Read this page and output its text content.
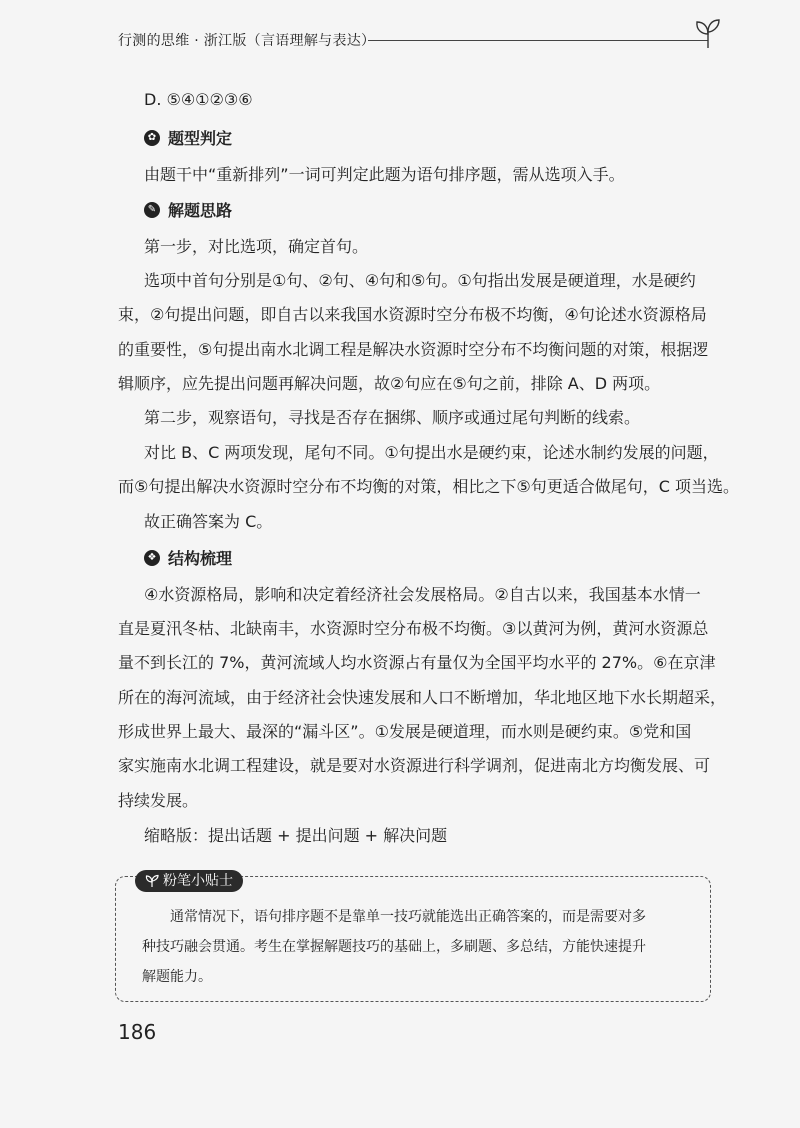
行测的思维 · 浙江版（言语理解与表达）
D. ⑤④①②③⑥
✿ 题型判定
由题干中“重新排列”一词可判定此题为语句排序题，需从选项入手。
✎ 解题思路
第一步，对比选项，确定首句。
选项中首句分别是①句、②句、④句和⑤句。①句指出发展是硬道理，水是硬约
束，②句提出问题，即自古以来我国水资源时空分布极不均衡，④句论述水资源格局
的重要性，⑤句提出南水北调工程是解决水资源时空分布不均衡问题的对策，根据逻
辑顺序，应先提出问题再解决问题，故②句应在⑤句之前，排除 A、D 两项。
第二步，观察语句，寻找是否存在捆绑、顺序或通过尾句判断的线索。
对比 B、C 两项发现，尾句不同。①句提出水是硬约束，论述水制约发展的问题，
而⑤句提出解决水资源时空分布不均衡的对策，相比之下⑤句更适合做尾句，C 项当选。
故正确答案为 C。
❖ 结构梳理
④水资源格局，影响和决定着经济社会发展格局。②自古以来，我国基本水情一
直是夏汛冬枯、北缺南丰，水资源时空分布极不均衡。③以黄河为例，黄河水资源总
量不到长江的 7%，黄河流域人均水资源占有量仅为全国平均水平的 27%。⑥在京津
所在的海河流域，由于经济社会快速发展和人口不断增加，华北地区地下水长期超采，
形成世界上最大、最深的“漏斗区”。①发展是硬道理，而水则是硬约束。⑤党和国
家实施南水北调工程建设，就是要对水资源进行科学调剂，促进南北方均衡发展、可
持续发展。
缩略版：提出话题 + 提出问题 + 解决问题
粉笔小贴士
通常情况下，语句排序题不是靠单一技巧就能选出正确答案的，而是需要对多
种技巧融会贯通。考生在掌握解题技巧的基础上，多刷题、多总结，方能快速提升
解题能力。
186
